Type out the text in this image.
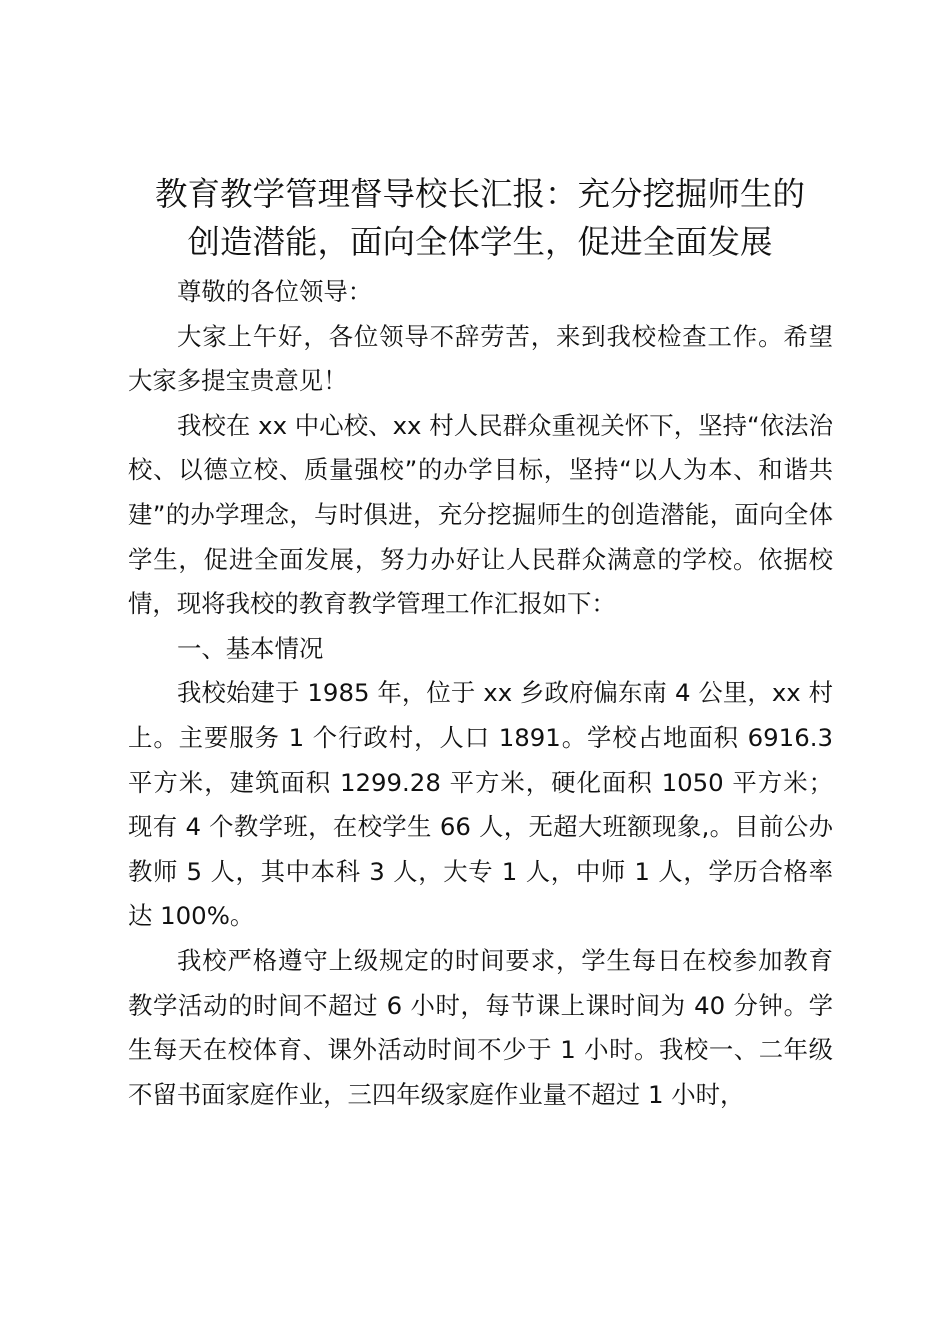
教育教学管理督导校长汇报：充分挖掘师生的
创造潜能，面向全体学生，促进全面发展

尊敬的各位领导：

大家上午好，各位领导不辞劳苦，来到我校检查工作。希望大家多提宝贵意见！

我校在 xx 中心校、xx 村人民群众重视关怀下，坚持“依法治校、以德立校、质量强校”的办学目标，坚持“以人为本、和谐共建”的办学理念，与时俱进，充分挖掘师生的创造潜能，面向全体学生，促进全面发展，努力办好让人民群众满意的学校。依据校情，现将我校的教育教学管理工作汇报如下：

一、基本情况

我校始建于 1985 年，位于 xx 乡政府偏东南 4 公里，xx 村上。主要服务 1 个行政村，人口 1891。学校占地面积 6916.3 平方米，建筑面积 1299.28 平方米，硬化面积 1050 平方米；现有 4 个教学班，在校学生 66 人，无超大班额现象,。目前公办教师 5 人，其中本科 3 人，大专 1 人，中师 1 人，学历合格率达 100%。

我校严格遵守上级规定的时间要求，学生每日在校参加教育教学活动的时间不超过 6 小时，每节课上课时间为 40 分钟。学生每天在校体育、课外活动时间不少于 1 小时。我校一、二年级不留书面家庭作业，三四年级家庭作业量不超过 1 小时，
